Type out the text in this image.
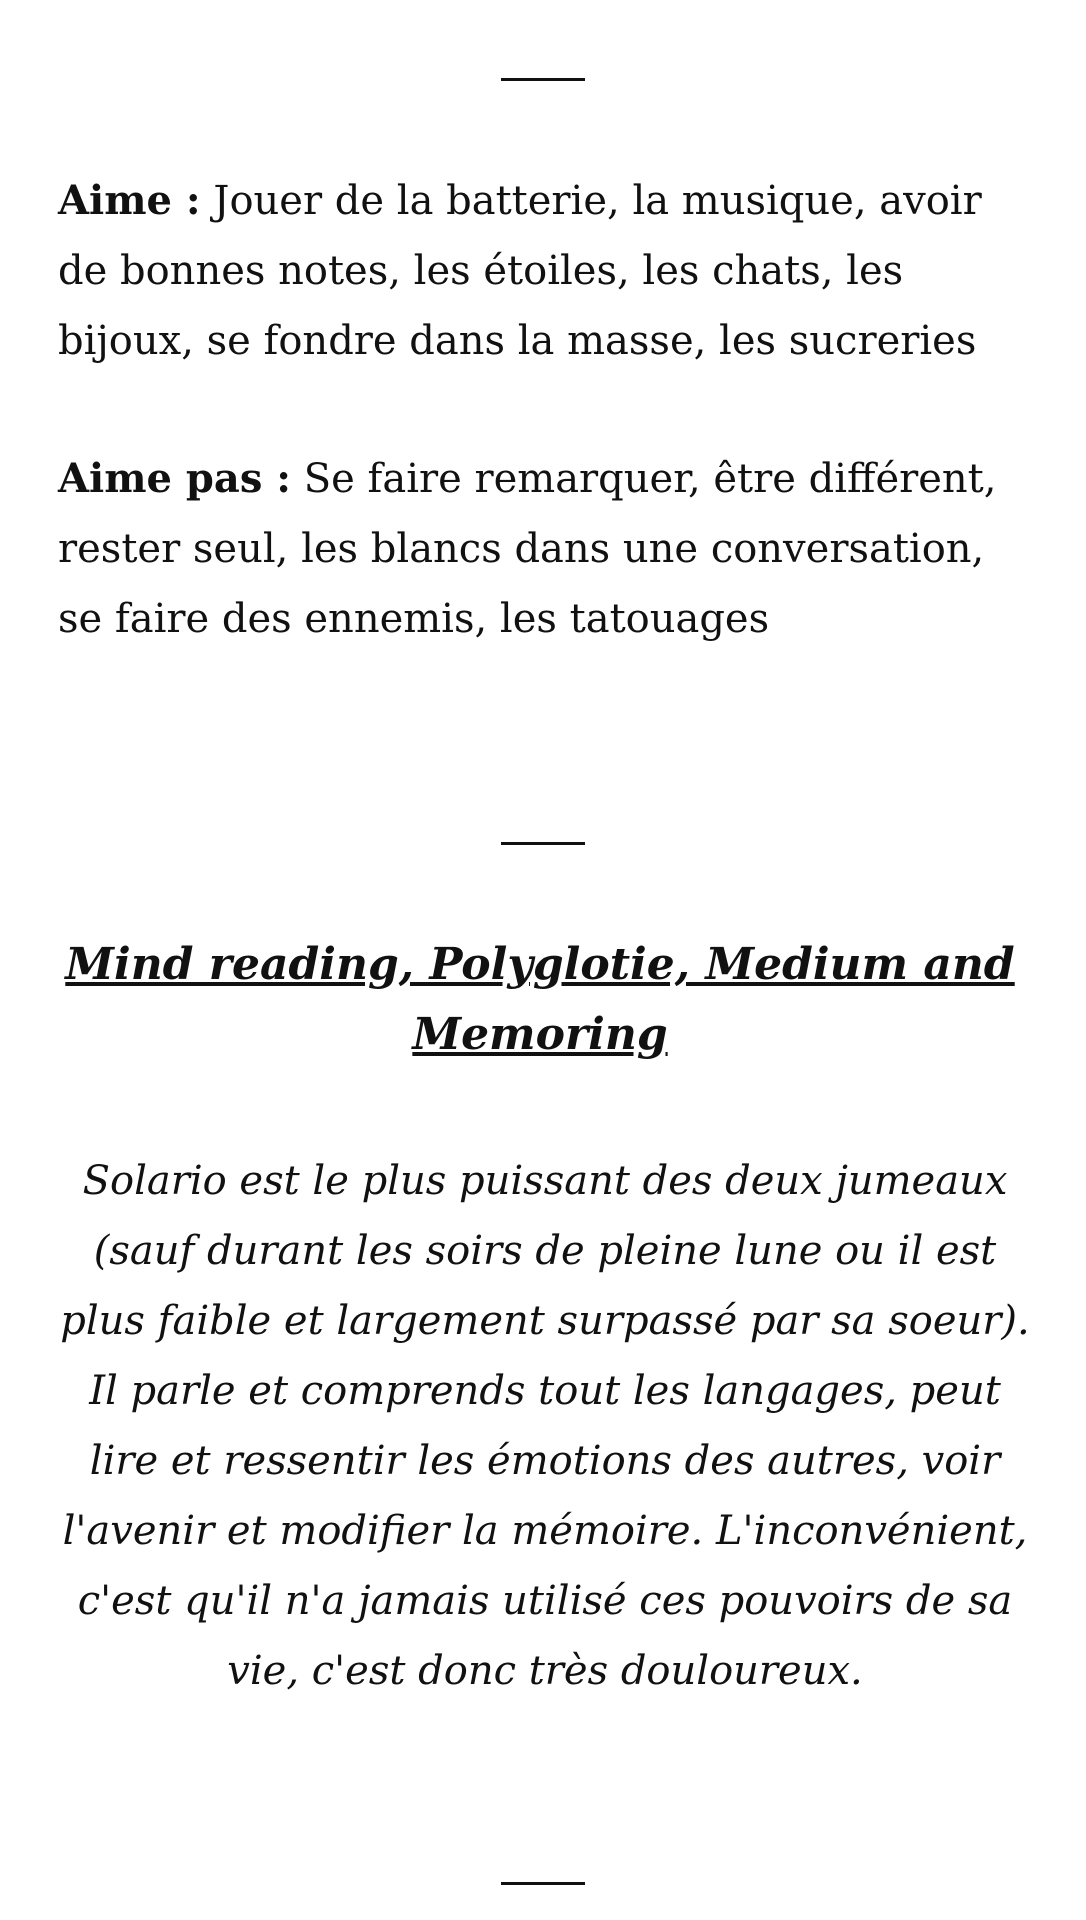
Aime : Jouer de la batterie, la musique, avoir de bonnes notes, les étoiles, les chats, les bijoux, se fondre dans la masse, les sucreries

Aime pas : Se faire remarquer, être différent, rester seul, les blancs dans une conversation, se faire des ennemis, les tatouages

Mind reading, Polyglotie, Medium and Memoring

Solario est le plus puissant des deux jumeaux (sauf durant les soirs de pleine lune ou il est plus faible et largement surpassé par sa soeur). Il parle et comprends tout les langages, peut lire et ressentir les émotions des autres, voir l'avenir et modifier la mémoire. L'inconvénient, c'est qu'il n'a jamais utilisé ces pouvoirs de sa vie, c'est donc très douloureux.
